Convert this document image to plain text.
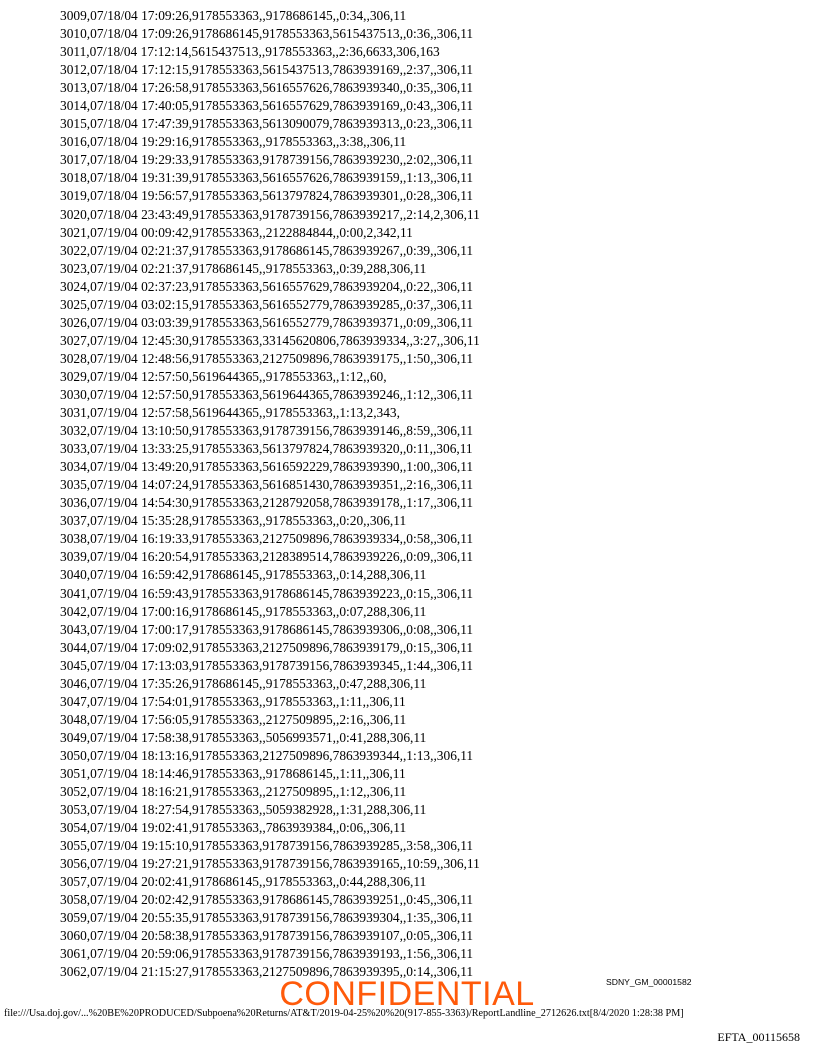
3009,07/18/04 17:09:26,9178553363,,9178686145,,0:34,,306,11
3010,07/18/04 17:09:26,9178686145,9178553363,5615437513,,0:36,,306,11
3011,07/18/04 17:12:14,5615437513,,9178553363,,2:36,6633,306,163
3012,07/18/04 17:12:15,9178553363,5615437513,7863939169,,2:37,,306,11
3013,07/18/04 17:26:58,9178553363,5616557626,7863939340,,0:35,,306,11
3014,07/18/04 17:40:05,9178553363,5616557629,7863939169,,0:43,,306,11
3015,07/18/04 17:47:39,9178553363,5613090079,7863939313,,0:23,,306,11
3016,07/18/04 19:29:16,9178553363,,9178553363,,3:38,,306,11
3017,07/18/04 19:29:33,9178553363,9178739156,7863939230,,2:02,,306,11
3018,07/18/04 19:31:39,9178553363,5616557626,7863939159,,1:13,,306,11
3019,07/18/04 19:56:57,9178553363,5613797824,7863939301,,0:28,,306,11
3020,07/18/04 23:43:49,9178553363,9178739156,7863939217,,2:14,2,306,11
3021,07/19/04 00:09:42,9178553363,,2122884844,,0:00,2,342,11
3022,07/19/04 02:21:37,9178553363,9178686145,7863939267,,0:39,,306,11
3023,07/19/04 02:21:37,9178686145,,9178553363,,0:39,288,306,11
3024,07/19/04 02:37:23,9178553363,5616557629,7863939204,,0:22,,306,11
3025,07/19/04 03:02:15,9178553363,5616552779,7863939285,,0:37,,306,11
3026,07/19/04 03:03:39,9178553363,5616552779,7863939371,,0:09,,306,11
3027,07/19/04 12:45:30,9178553363,33145620806,7863939334,,3:27,,306,11
3028,07/19/04 12:48:56,9178553363,2127509896,7863939175,,1:50,,306,11
3029,07/19/04 12:57:50,5619644365,,9178553363,,1:12,,60,
3030,07/19/04 12:57:50,9178553363,5619644365,7863939246,,1:12,,306,11
3031,07/19/04 12:57:58,5619644365,,9178553363,,1:13,2,343,
3032,07/19/04 13:10:50,9178553363,9178739156,7863939146,,8:59,,306,11
3033,07/19/04 13:33:25,9178553363,5613797824,7863939320,,0:11,,306,11
3034,07/19/04 13:49:20,9178553363,5616592229,7863939390,,1:00,,306,11
3035,07/19/04 14:07:24,9178553363,5616851430,7863939351,,2:16,,306,11
3036,07/19/04 14:54:30,9178553363,2128792058,7863939178,,1:17,,306,11
3037,07/19/04 15:35:28,9178553363,,9178553363,,0:20,,306,11
3038,07/19/04 16:19:33,9178553363,2127509896,7863939334,,0:58,,306,11
3039,07/19/04 16:20:54,9178553363,2128389514,7863939226,,0:09,,306,11
3040,07/19/04 16:59:42,9178686145,,9178553363,,0:14,288,306,11
3041,07/19/04 16:59:43,9178553363,9178686145,7863939223,,0:15,,306,11
3042,07/19/04 17:00:16,9178686145,,9178553363,,0:07,288,306,11
3043,07/19/04 17:00:17,9178553363,9178686145,7863939306,,0:08,,306,11
3044,07/19/04 17:09:02,9178553363,2127509896,7863939179,,0:15,,306,11
3045,07/19/04 17:13:03,9178553363,9178739156,7863939345,,1:44,,306,11
3046,07/19/04 17:35:26,9178686145,,9178553363,,0:47,288,306,11
3047,07/19/04 17:54:01,9178553363,,9178553363,,1:11,,306,11
3048,07/19/04 17:56:05,9178553363,,2127509895,,2:16,,306,11
3049,07/19/04 17:58:38,9178553363,,5056993571,,0:41,288,306,11
3050,07/19/04 18:13:16,9178553363,2127509896,7863939344,,1:13,,306,11
3051,07/19/04 18:14:46,9178553363,,9178686145,,1:11,,306,11
3052,07/19/04 18:16:21,9178553363,,2127509895,,1:12,,306,11
3053,07/19/04 18:27:54,9178553363,,5059382928,,1:31,288,306,11
3054,07/19/04 19:02:41,9178553363,,7863939384,,0:06,,306,11
3055,07/19/04 19:15:10,9178553363,9178739156,7863939285,,3:58,,306,11
3056,07/19/04 19:27:21,9178553363,9178739156,7863939165,,10:59,,306,11
3057,07/19/04 20:02:41,9178686145,,9178553363,,0:44,288,306,11
3058,07/19/04 20:02:42,9178553363,9178686145,7863939251,,0:45,,306,11
3059,07/19/04 20:55:35,9178553363,9178739156,7863939304,,1:35,,306,11
3060,07/19/04 20:58:38,9178553363,9178739156,7863939107,,0:05,,306,11
3061,07/19/04 20:59:06,9178553363,9178739156,7863939193,,1:56,,306,11
3062,07/19/04 21:15:27,9178553363,2127509896,7863939395,,0:14,,306,11
SDNY_GM_00001582
CONFIDENTIAL
file:///Usa.doj.gov/...%20BE%20PRODUCED/Subpoena%20Returns/AT&T/2019-04-25%20%20(917-855-3363)/ReportLandline_2712626.txt[8/4/2020 1:28:38 PM]
EFTA_00115658
